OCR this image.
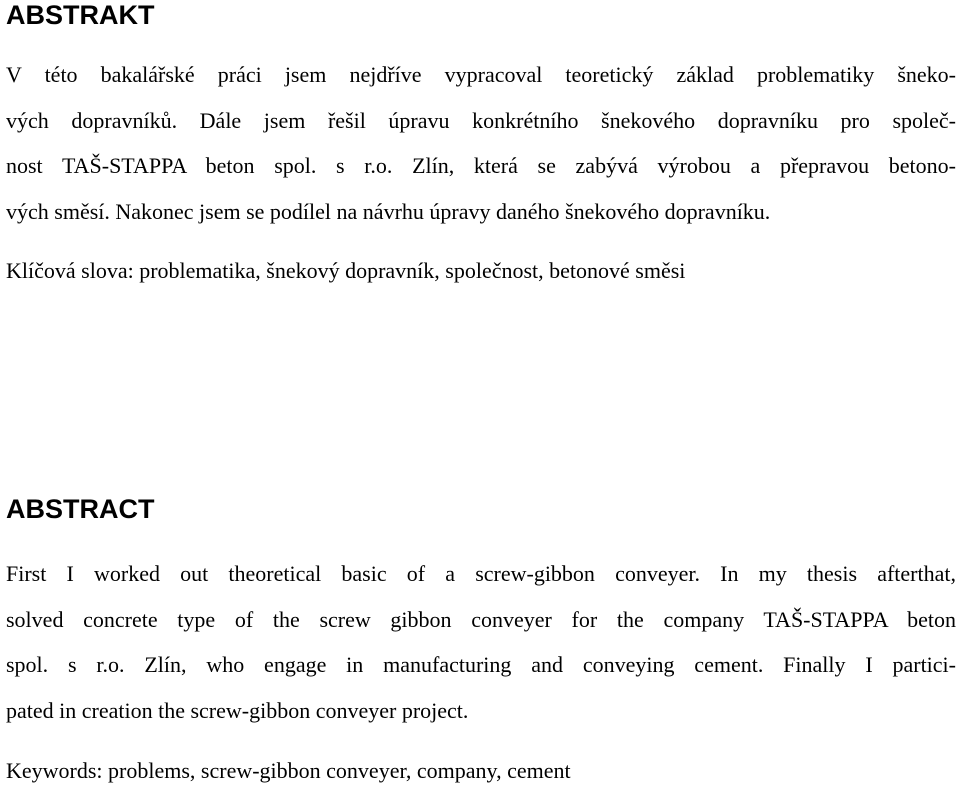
ABSTRAKT

V této bakalářské práci jsem nejdříve vypracoval teoretický základ problematiky šneko-

vých dopravníků. Dále jsem řešil úpravu konkrétního šnekového dopravníku pro společ-

nost TAŠ-STAPPA beton spol. s r.o. Zlín, která se zabývá výrobou a přepravou betono-

vých směsí. Nakonec jsem se podílel na návrhu úpravy daného šnekového dopravníku.

Klíčová slova: problematika, šnekový dopravník, společnost, betonové směsi

ABSTRACT

First I worked out theoretical basic of a screw-gibbon conveyer. In my thesis afterthat,

solved concrete type of the screw gibbon conveyer for the company TAŠ-STAPPA beton

spol. s r.o. Zlín, who engage in manufacturing and conveying cement. Finally I partici-

pated in creation the screw-gibbon conveyer project.

Keywords: problems, screw-gibbon conveyer, company, cement
